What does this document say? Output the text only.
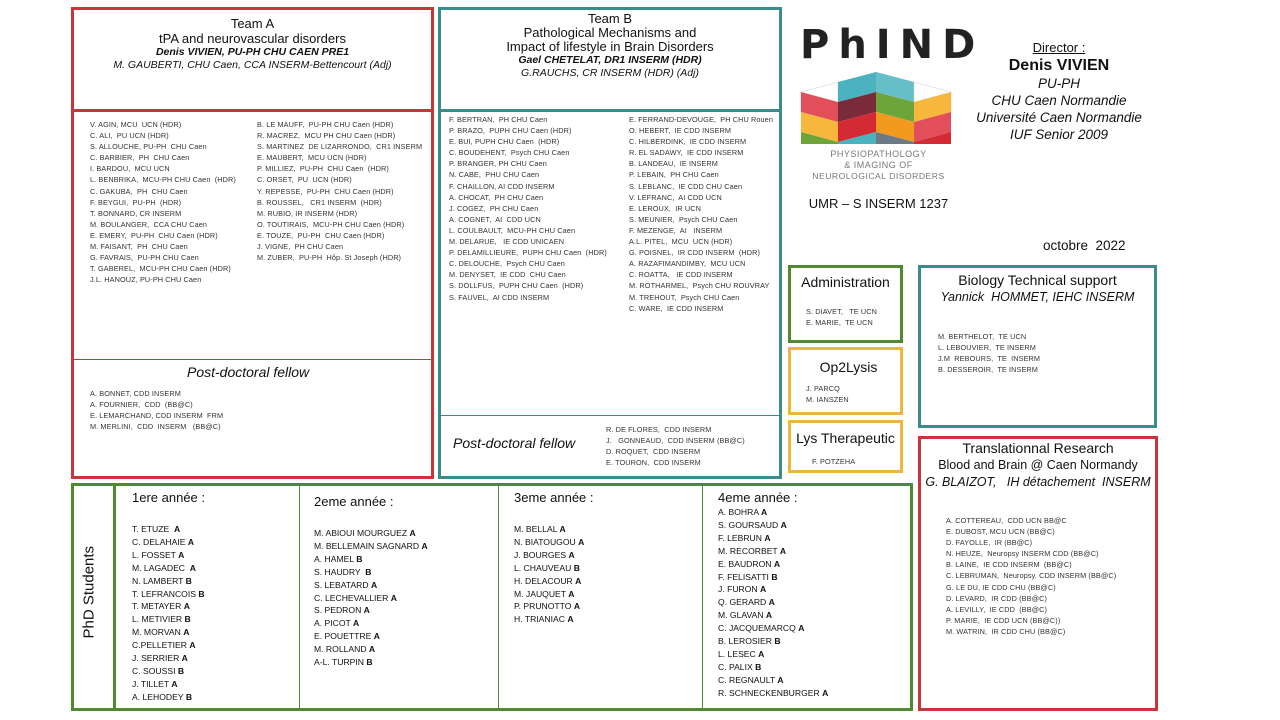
Team A
tPA and neurovascular disorders
Denis VIVIEN, PU-PH CHU CAEN PRE1
M. GAUBERTI, CHU Caen, CCA INSERM-Bettencourt (Adj)
V. AGIN, MCU  UCN (HDR)
C. ALI,  PU UCN (HDR)
S. ALLOUCHE, PU-PH  CHU Caen
C. BARBIER,  PH  CHU Caen
I. BARDOU,  MCU UCN
L. BENBRIKA,  MCU-PH CHU Caen  (HDR)
C. GAKUBA,  PH  CHU Caen
F. BEYGUI,  PU-PH  (HDR)
T. BONNARD, CR INSERM
M. BOULANGER,  CCA CHU Caen
E. EMERY,  PU-PH  CHU Caen (HDR)
M. FAISANT,  PH  CHU Caen
G. FAVRAIS,  PU-PH CHU Caen
T. GABEREL,  MCU-PH CHU Caen (HDR)
J.L. HANOUZ, PU-PH CHU Caen
B. LE MAUFF,  PU-PH CHU Caen (HDR)
R. MACREZ,  MCU PH CHU Caen (HDR)
S. MARTINEZ  DE LIZARRONDO,  CR1 INSERM
E. MAUBERT,  MCU UCN (HDR)
P. MILLIEZ,  PU-PH  CHU Caen  (HDR)
C. ORSET,  PU  UCN (HDR)
Y. REPESSE,  PU-PH  CHU Caen (HDR)
B. ROUSSEL,   CR1 INSERM  (HDR)
M. RUBIO, IR INSERM (HDR)
O. TOUTIRAIS,  MCU-PH CHU Caen (HDR)
E. TOUZE,  PU-PH  CHU Caen (HDR)
J. VIGNE,  PH CHU Caen
M. ZUBER,  PU-PH  Hôp. St Joseph (HDR)
Post-doctoral fellow
A. BONNET, CDD INSERM
A. FOURNIER,  CDD  (BB@C)
E. LEMARCHAND, CDD INSERM  FRM
M. MERLINI,  CDD  INSERM   (BB@C)
Team B
Pathological Mechanisms and
Impact of lifestyle in Brain Disorders
Gael CHETELAT, DR1 INSERM (HDR)
G.RAUCHS, CR INSERM (HDR) (Adj)
F. BERTRAN,  PH CHU Caen
P. BRAZO,  PUPH CHU Caen (HDR)
E. BUI, PUPH CHU Caen  (HDR)
C. BOUDEHENT,  Psych CHU Caen
P. BRANGER, PH CHU Caen
N. CABE,  PHU CHU Caen
F. CHAILLON, AI CDD INSERM
A. CHOCAT,  PH CHU Caen
J. COGEZ,  PH CHU Caen
A. COGNET,  AI  CDD UCN
L. COULBAULT,  MCU-PH CHU Caen
M. DELARUE,   IE CDD UNICAEN
P. DELAMILLIEURE,  PUPH CHU Caen  (HDR)
C. DELOUCHE,  Psych CHU Caen
M. DENYSET,  IE CDD  CHU Caen
S. DOLLFUS,  PUPH CHU Caen  (HDR)
S. FAUVEL,  AI CDD INSERM
E. FERRAND-DEVOUGE,  PH CHU Rouen
O. HEBERT,  IE CDD INSERM
C. HILBERDINK,  IE CDD INSERM
R. EL SADAWY,  IE CDD INSERM
B. LANDEAU,  IE INSERM
P. LEBAIN,  PH CHU Caen
S. LEBLANC,  IE CDD CHU Caen
V. LEFRANC,  AI CDD UCN
E. LEROUX,  IR UCN
S. MEUNIER,  Psych CHU Caen
F. MEZENGE,  AI   INSERM
A.L. PITEL,  MCU  UCN (HDR)
G. POISNEL,  IR CDD INSERM  (HDR)
A. RAZAFIMANDIMBY,  MCU UCN
C. ROATTA,   IE CDD INSERM
M. ROTHARMEL,  Psych CHU ROUVRAY
M. TREHOUT,  Psych CHU Caen
C. WARE,  IE CDD INSERM
Post-doctoral fellow
R. DE FLORES,  CDD INSERM
J.   GONNEAUD,  CDD INSERM (BB@C)
D. ROQUET,  CDD INSERM
E. TOURON,  CDD INSERM
PhIND
PHYSIOPATHOLOGY
& IMAGING OF
NEUROLOGICAL DISORDERS
UMR – S INSERM 1237
Director :
Denis VIVIEN
PU-PH
CHU Caen Normandie
Université Caen Normandie
IUF Senior 2009
octobre  2022
Administration
S. DIAVET,   TE UCN
E. MARIE,  TE UCN
Op2Lysis
J. PARCQ
M. IANSZEN
Lys Therapeutic
F. POTZEHA
Biology Technical support
Yannick  HOMMET, IEHC INSERM
M. BERTHELOT,  TE UCN
L. LEBOUVIER,  TE INSERM
J.M  REBOURS,  TE  INSERM
B. DESSEROIR,  TE INSERM
Translationnal Research
Blood and Brain @ Caen Normandy
G. BLAIZOT,   IH détachement  INSERM
A. COTTEREAU,  CDD UCN BB@C
E. DUBOST, MCU UCN (BB@C)
D. FAYOLLE,  IR (BB@C)
N. HEUZE,  Neuropsy INSERM CDD (BB@C)
B. LAINE,  IE CDD INSERM  (BB@C)
C. LEBRUMAN,  Neuropsy. CDD INSERM (BB@C)
G. LE DU, IE CDD CHU (BB@C)
D. LEVARD,  IR CDD (BB@C)
A. LEVILLY,  IE CDD  (BB@C)
P. MARIE,  IE CDD UCN (BB@C))
M. WATRIN,  IR CDD CHU (BB@C)
PhD Students
1ere année :
T. ETUZE  A
C. DELAHAIE A
L. FOSSET A
M. LAGADEC  A
N. LAMBERT B
T. LEFRANCOIS B
T. METAYER A
L. METIVIER B
M. MORVAN A
C.PELLETIER A
J. SERRIER A
C. SOUSSI B
J. TILLET A
A. LEHODEY B
2eme année :
M. ABIOUI MOURGUEZ A
M. BELLEMAIN SAGNARD A
A. HAMEL B
S. HAUDRY  B
S. LEBATARD A
C. LECHEVALLIER A
S. PEDRON A
A. PICOT A
E. POUETTRE A
M. ROLLAND A
A-L. TURPIN B
3eme année :
M. BELLAL A
N. BIATOUGOU A
J. BOURGES A
L. CHAUVEAU B
H. DELACOUR A
M. JAUQUET A
P. PRUNOTTO A
H. TRIANIAC A
4eme année :
A. BOHRA A
S. GOURSAUD A
F. LEBRUN A
M. RECORBET A
E. BAUDRON A
F. FELISATTI B
J. FURON A
Q. GERARD A
M. GLAVAN A
C. JACQUEMARCQ A
B. LEROSIER B
L. LESEC A
C. PALIX B
C. REGNAULT A
R. SCHNECKENBURGER A
